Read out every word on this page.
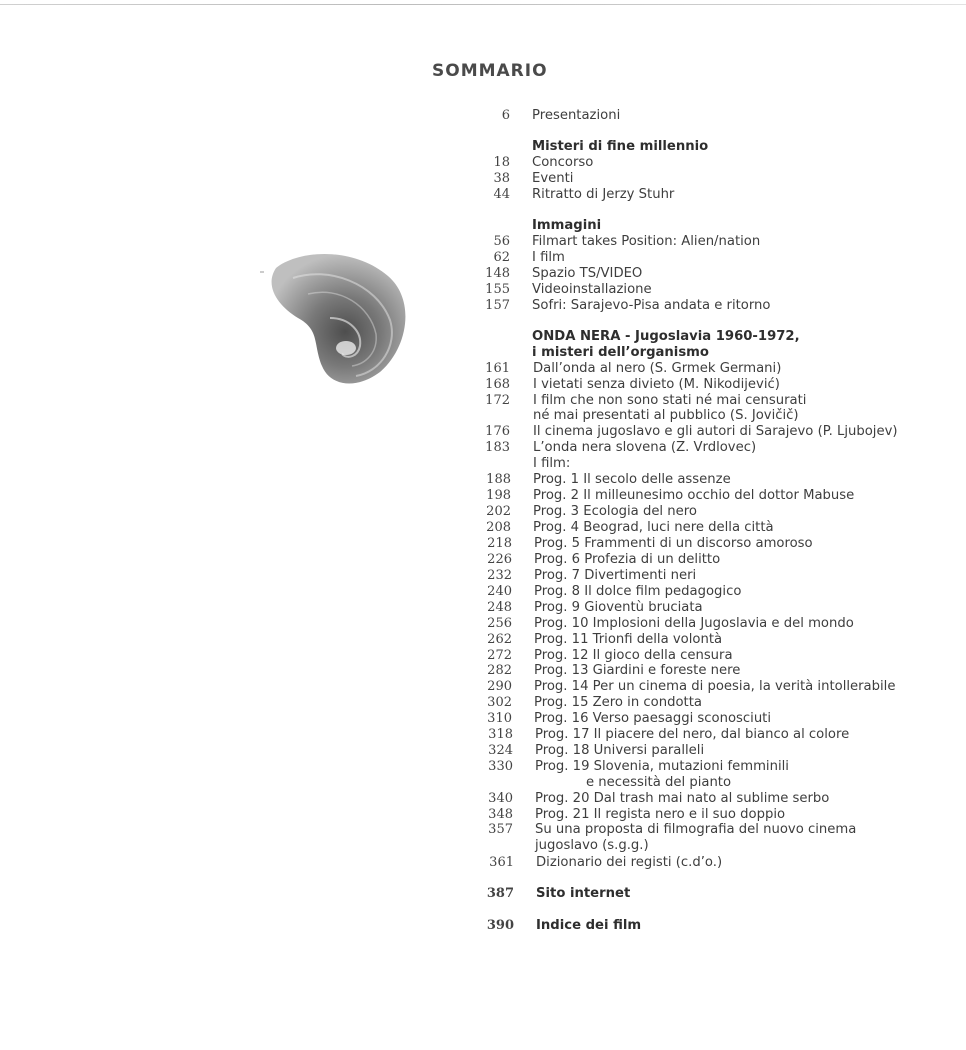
SOMMARIO
6 Presentazioni
Misteri di fine millennio
18 Concorso
38 Eventi
44 Ritratto di Jerzy Stuhr
Immagini
56 Filmart takes Position: Alien/nation
62 I film
148 Spazio TS/VIDEO
155 Videoinstallazione
157 Sofri: Sarajevo-Pisa andata e ritorno
ONDA NERA - Jugoslavia 1960-1972,
i misteri dell’organismo
161 Dall’onda al nero (S. Grmek Germani)
168 I vietati senza divieto (M. Nikodijević)
172 I film che non sono stati né mai censurati
né mai presentati al pubblico (S. Jovičič)
176 Il cinema jugoslavo e gli autori di Sarajevo (P. Ljubojev)
183 L’onda nera slovena (Z. Vrdlovec)
I film:
188 Prog. 1 Il secolo delle assenze
198 Prog. 2 Il milleunesimo occhio del dottor Mabuse
202 Prog. 3 Ecologia del nero
208 Prog. 4 Beograd, luci nere della città
218 Prog. 5 Frammenti di un discorso amoroso
226 Prog. 6 Profezia di un delitto
232 Prog. 7 Divertimenti neri
240 Prog. 8 Il dolce film pedagogico
248 Prog. 9 Gioventù bruciata
256 Prog. 10 Implosioni della Jugoslavia e del mondo
262 Prog. 11 Trionfi della volontà
272 Prog. 12 Il gioco della censura
282 Prog. 13 Giardini e foreste nere
290 Prog. 14 Per un cinema di poesia, la verità intollerabile
302 Prog. 15 Zero in condotta
310 Prog. 16 Verso paesaggi sconosciuti
318 Prog. 17 Il piacere del nero, dal bianco al colore
324 Prog. 18 Universi paralleli
330 Prog. 19 Slovenia, mutazioni femminili
e necessità del pianto
340 Prog. 20 Dal trash mai nato al sublime serbo
348 Prog. 21 Il regista nero e il suo doppio
357 Su una proposta di filmografia del nuovo cinema
jugoslavo (s.g.g.)
361 Dizionario dei registi (c.d’o.)
387 Sito internet
390 Indice dei film
